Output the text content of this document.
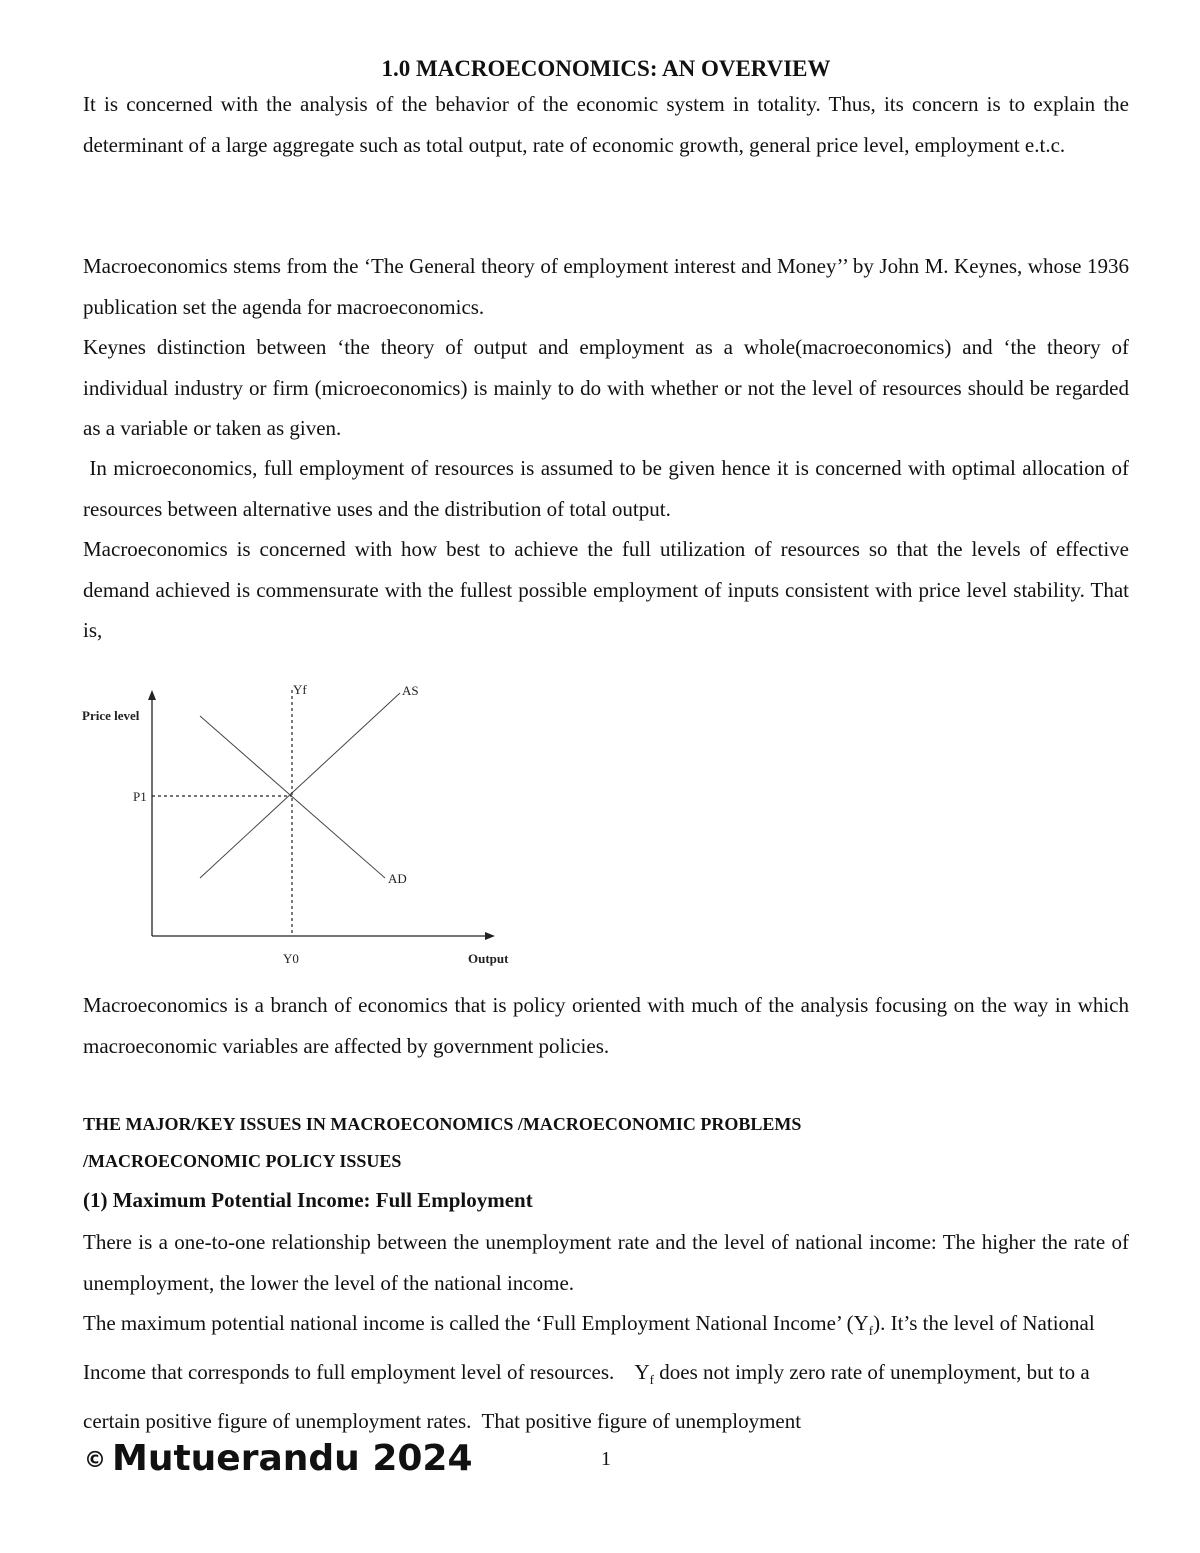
1.0 MACROECONOMICS: AN OVERVIEW

It is concerned with the analysis of the behavior of the economic system in totality. Thus, its concern is to explain the determinant of a large aggregate such as total output, rate of economic growth, general price level, employment e.t.c.

Macroeconomics stems from the ‘The General theory of employment interest and Money’’ by John M. Keynes, whose 1936 publication set the agenda for macroeconomics.

Keynes distinction between ‘the theory of output and employment as a whole(macroeconomics) and ‘the theory of individual industry or firm (microeconomics) is mainly to do with whether or not the level of resources should be regarded as a variable or taken as given.

In microeconomics, full employment of resources is assumed to be given hence it is concerned with optimal allocation of resources between alternative uses and the distribution of total output.

Macroeconomics is concerned with how best to achieve the full utilization of resources so that the levels of effective demand achieved is commensurate with the fullest possible employment of inputs consistent with price level stability. That is,

Price level
P1
Yf	AS
AD
Y0	Output

Macroeconomics is a branch of economics that is policy oriented with much of the analysis focusing on the way in which macroeconomic variables are affected by government policies.

THE MAJOR/KEY ISSUES IN MACROECONOMICS /MACROECONOMIC PROBLEMS
/MACROECONOMIC POLICY ISSUES
(1) Maximum Potential Income: Full Employment

There is a one-to-one relationship between the unemployment rate and the level of national income: The higher the rate of unemployment, the lower the level of the national income.

The maximum potential national income is called the ‘Full Employment National Income’ $(Y_f)$. It’s the level of National Income that corresponds to full employment level of resources.    $Y_f$ does not imply zero rate of unemployment, but to a certain positive figure of unemployment rates.  That positive figure of unemployment

© Mutuerandu 2024	1
